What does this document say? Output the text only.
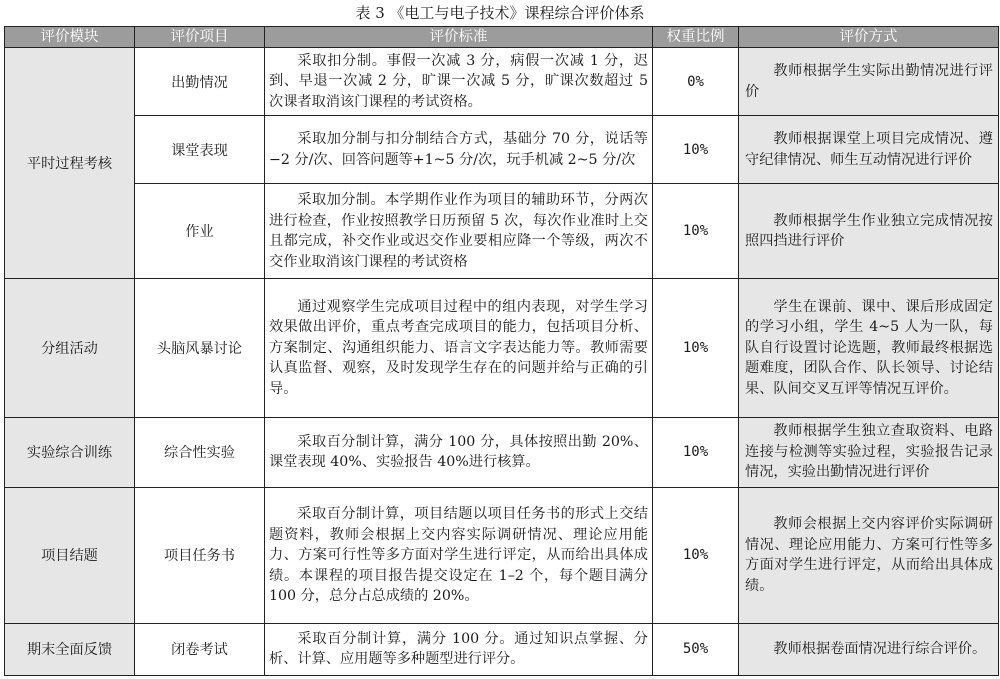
表 3 《电工与电子技术》课程综合评价体系
评价模块	评价项目	评价标准	权重比例	评价方式
平时过程考核	出勤情况	采取扣分制。事假一次减 3 分，病假一次减 1 分，迟到、早退一次减 2 分，旷课一次减 5 分，旷课次数超过 5 次课者取消该门课程的考试资格。	0%	教师根据学生实际出勤情况进行评价
	课堂表现	采取加分制与扣分制结合方式，基础分 70 分，说话等−2 分/次、回答问题等+1~5 分/次，玩手机减 2~5 分/次	10%	教师根据课堂上项目完成情况、遵守纪律情况、师生互动情况进行评价
	作业	采取加分制。本学期作业作为项目的辅助环节，分两次进行检查，作业按照教学日历预留 5 次，每次作业准时上交且都完成，补交作业或迟交作业要相应降一个等级，两次不交作业取消该门课程的考试资格	10%	教师根据学生作业独立完成情况按照四挡进行评价
分组活动	头脑风暴讨论	通过观察学生完成项目过程中的组内表现，对学生学习效果做出评价，重点考查完成项目的能力，包括项目分析、方案制定、沟通组织能力、语言文字表达能力等。教师需要认真监督、观察，及时发现学生存在的问题并给与正确的引导。	10%	学生在课前、课中、课后形成固定的学习小组，学生 4~5 人为一队，每队自行设置讨论选题，教师最终根据选题难度，团队合作、队长领导、讨论结果、队间交叉互评等情况互评价。
实验综合训练	综合性实验	采取百分制计算，满分 100 分，具体按照出勤 20%、课堂表现 40%、实验报告 40%进行核算。	10%	教师根据学生独立查取资料、电路连接与检测等实验过程，实验报告记录情况，实验出勤情况进行评价
项目结题	项目任务书	采取百分制计算，项目结题以项目任务书的形式上交结题资料，教师会根据上交内容实际调研情况、理论应用能力、方案可行性等多方面对学生进行评定，从而给出具体成绩。本课程的项目报告提交设定在 1–2 个，每个题目满分 100 分，总分占总成绩的 20%。	10%	教师会根据上交内容评价实际调研情况、理论应用能力、方案可行性等多方面对学生进行评定，从而给出具体成绩。
期末全面反馈	闭卷考试	采取百分制计算，满分 100 分。通过知识点掌握、分析、计算、应用题等多种题型进行评分。	50%	教师根据卷面情况进行综合评价。
